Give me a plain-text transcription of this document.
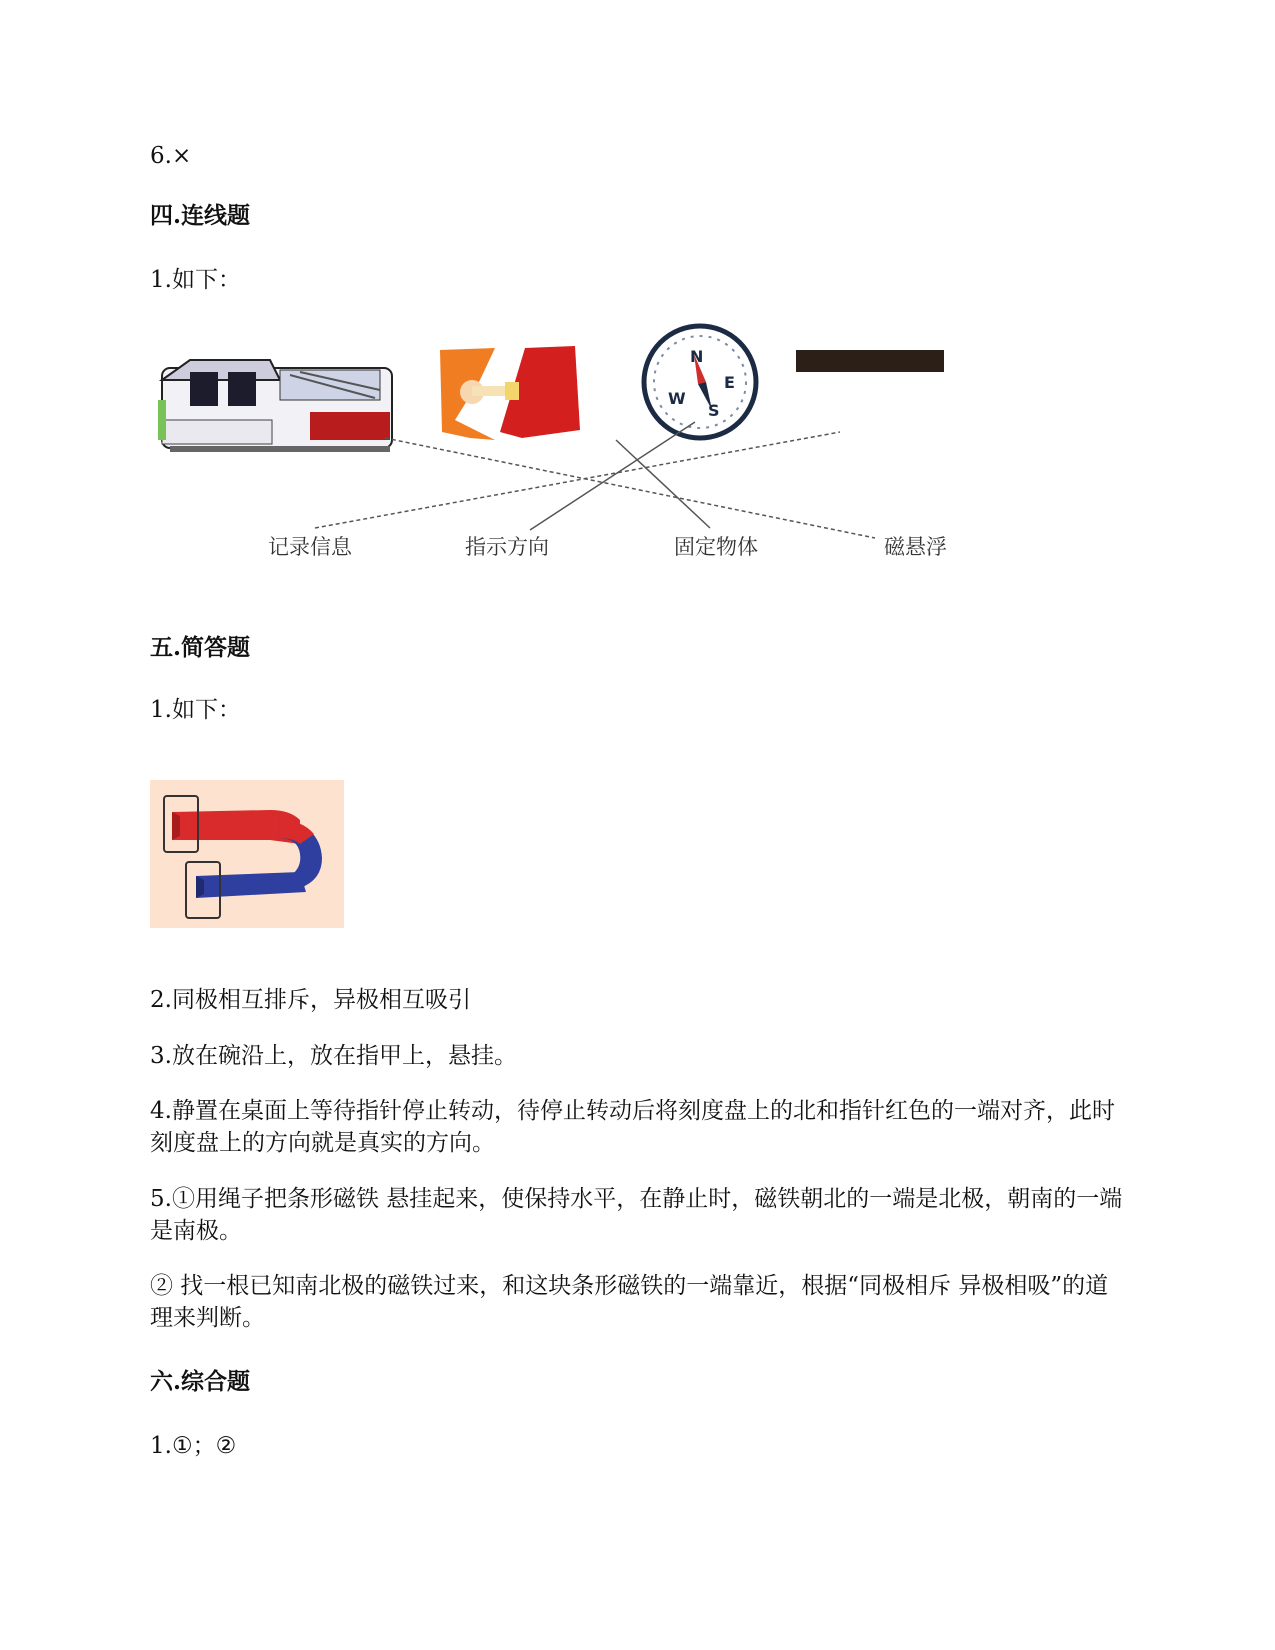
6.×
四.连线题
1.如下：
N
E
S
W
记录信息	指示方向	固定物体	磁悬浮
五.简答题
1.如下：
2.同极相互排斥，异极相互吸引
3.放在碗沿上，放在指甲上，悬挂。
4.静置在桌面上等待指针停止转动，待停止转动后将刻度盘上的北和指针红色的一端对齐，此时刻度盘上的方向就是真实的方向。
5.①用绳子把条形磁铁 悬挂起来，使保持水平，在静止时，磁铁朝北的一端是北极，朝南的一端是南极。
② 找一根已知南北极的磁铁过来，和这块条形磁铁的一端靠近，根据“同极相斥 异极相吸”的道理来判断。
六.综合题
1.①；②
